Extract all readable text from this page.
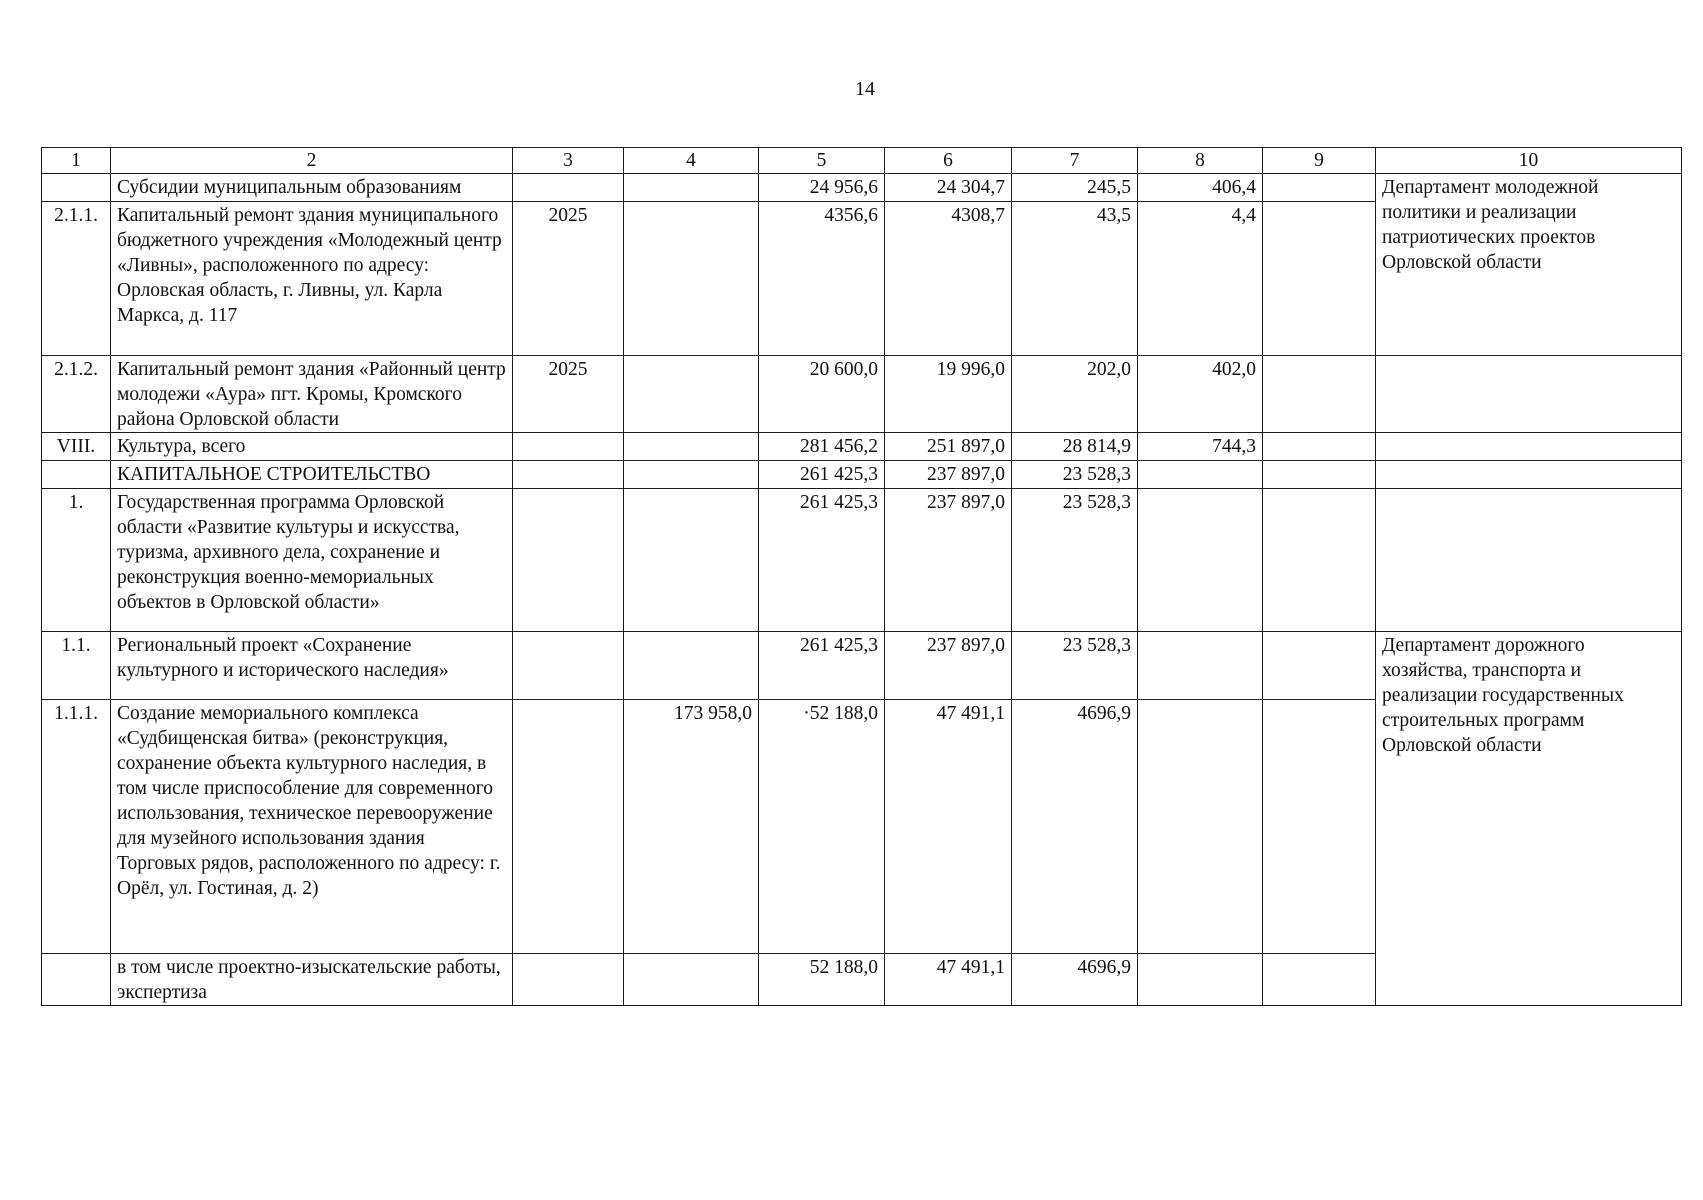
14
1	2	3	4	5	6	7	8	9	10
	Субсидии муниципальным образованиям			24 956,6	24 304,7	245,5	406,4		Департамент молодежной политики и реализации патриотических проектов Орловской области
2.1.1.	Капитальный ремонт здания муниципального бюджетного учреждения «Молодежный центр «Ливны», расположенного по адресу: Орловская область, г. Ливны, ул. Карла Маркса, д. 117	2025		4356,6	4308,7	43,5	4,4		
2.1.2.	Капитальный ремонт здания «Районный центр молодежи «Аура» пгт. Кромы, Кромского района Орловской области	2025		20 600,0	19 996,0	202,0	402,0		
VIII.	Культура, всего			281 456,2	251 897,0	28 814,9	744,3		
	КАПИТАЛЬНОЕ СТРОИТЕЛЬСТВО			261 425,3	237 897,0	23 528,3			
1.	Государственная программа Орловской области «Развитие культуры и искусства, туризма, архивного дела, сохранение и реконструкция военно-мемориальных объектов в Орловской области»			261 425,3	237 897,0	23 528,3			
1.1.	Региональный проект «Сохранение культурного и исторического наследия»			261 425,3	237 897,0	23 528,3			Департамент дорожного хозяйства, транспорта и реализации государственных строительных программ Орловской области
1.1.1.	Создание мемориального комплекса «Судбищенская битва» (реконструкция, сохранение объекта культурного наследия, в том числе приспособление для современного использования, техническое перевооружение для музейного использования здания Торговых рядов, расположенного по адресу: г. Орёл, ул. Гостиная, д. 2)		173 958,0	·52 188,0	47 491,1	4696,9			
	в том числе проектно-изыскательские работы, экспертиза			52 188,0	47 491,1	4696,9			
